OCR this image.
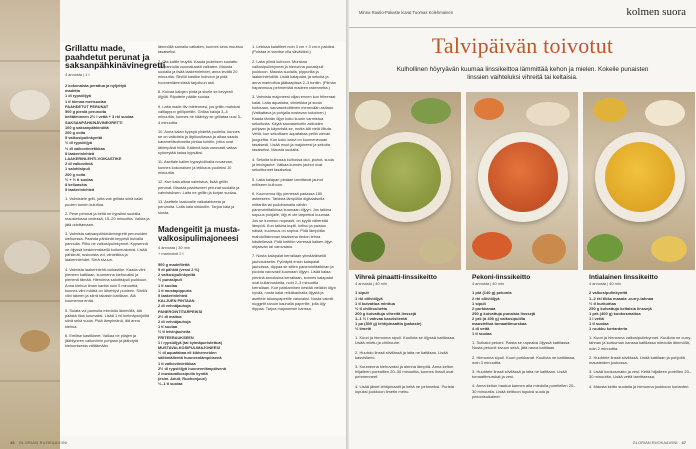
Grillattu made,
paahdetut perunat ja
saksanpähkinävinegretti
4 annosta | 1 t
2 kokonaista perattua ja nyljettyä
madetta
1 dl rypsiöljyä
1 tl hienoa merisuolaa
PAAHDETUT PERUNAT
500 g pieniä perunoita
kelttämineen 2½ l vettä + 3 rkl suolaa
SAKSANPÄHKINÄVINEGRETTI
100 g saksanpähkinöitä
200 g voita
5 valkosipulinkynttä
½ dl rypsiöljyä
½ dl valkoviinietikkaa
8 laakerinlehteä
LAAKERINLEHTI-VOIKASTIKE
2 dl valkoviiniä
1 salottisipuli
200 g voita
½ + ½ tl suolaa
8 kelluaskia
5 laakerinlehteä
1. Valmistele grilli, jotta voit grillata siinä kalat puolen tunnin kuluttua.
2. Pese perunat ja keitä ne kypsiksi suolalla maustetussa vedessä, 15–20 minuuttia. Valuta ja jätä odottamaan.
3. Valmista saksanpähkinävinegretti perunoiden kiehuessa. Paahda pähkinät keyyesti kuivalla pannulla. Pilko ne valkosipulinkynnet. Kypsennä ne öljyssä keskimmäisellä kuitumuskeksi. Lisää pähkinät, rusinoista voi, viinietikka ja laakerinlehdet. Sirrä sivuun.
4. Valmista laakerinlehti-voikastike. Kaada viini pieneen kattilaan, kuumenna kiehuvaksi ja pienenä tämää. Hienonna salottisipuli joukkoon. Anna kiehua ilman kantta noin 5 minuuttia, kunnes viini määrä on lähehtyvi puoleen. Siivilöi viini takeen ja siirrä takaisin kattilaan. Älä kuumenna enää.
5. Sulata voi pannulla miedolla lämmöllä, älä päästä tilan kuumaksi. Lisää 1 rkl kielmäpohjoiltä siinä sekä suola. Pidä lämpimänä, älä anna kiehua.
6. Emlitse kastikkeet. Valkaa ne pilajen ja jäähtyneen valkoviinin pohjaan ja jäähdytä kiehumisesta välttämään.
lämmöllä samalla vatkaten, kunnes seos muuttuu tasaiseksi.
7. Ota kalille leuyltä. Kaada juuleksen suolattu voi pannulla vuumakaasti valkaten. Mausta suolalla ja lisää laakerinlehdet, anna levätä 20 minuuttia. Siivilöi kastike kulhoon ja pidä hoomenlämmössä tarjoiluun asti.
8. Kuivaa kalojen pinta ja sivele se kevyesti öljyllä. Ripottele päälle suolaa.
9. Laita made tiiv mielennesi, jos grillin mahdusi valtiappun grilliporttiin. Grillaa kaloja 3–4 minuuttia, kunnes ne kääntyy se grillataa uusi 3–4 minuuttia.
10. Anna kalan kypsyä yhdeltä puolella, kunnes se on valkoista ja läpikuultavaa ja alkaa saada karamellisoituneita pintaa kohtiin, jotka ovat lähimpänä hiiliä. Käännä kala varovasti vaitaa syöneytää kalaa kypsäksi.
11. Asettale kallen kypsykolikalla nousevan, kunnes kokonaisen ja leikkaus puoleksi 10 minuuttia.
12. Kun kala alkaa valmistua, lisää grillin perunat. Mausta paahtuneet perunat suolalla ja vahvistuksen. Laita ne grilliin ja korjan suolaa.
13. Asettele laatuvalle valkatahkeeta ja perunoita. Laita kala sirkkutiin. Tarjoa kala ja siosta.
Madengeitit ja musta-
valkosipulimajoneesi
4 annosta | 30 min
+ marinointi 2 t
500 g madefilettä
5 dl pähkiä (vessi 2 %)
2 valkosipulinkynttä
½ punasipuli
1 tl suolaa
1 tl mustapippuria
5 laakerinlehteä
KALJUEN PINTAAN
2 dl vehnäjauhoja
PANEROINTITARPEIKSI
2½ dl maitoa
2 dl vehnäjauhoja
1 tl suolaa
½ tl leivinjauheita
FRITEERAUKSEEN
1 l rypsiöljyä (tai kylmäpuristettua)
MUSTAVALKOSIPULIMAJONEESI
½ dl aquafabaa eli kikherneiden
säilöntälientä huoneenlämpöisenä
1 tl valkoviinietikkaa
2½ dl rypsiöljyä huoneenlämpöisenä
2 mustavalkosipulin kynttä
(esim. Adult, Ruohonjuuri)
½–1 tl suolaa
1. Leikkaa kalafileet noin 3 cm × 3 cm:n paloiksi. (Poistaa ei tarvitse olla sävätöksi.)
2. Laita piimä kulhoon. Murskaa valkosipulinkynnet ja hienonna punasipuli joukkoon. Mausta suolalla, pippurilla ja laakerinlehdillä. Lisää kalapalat, ja sekoita ja anna marinoitua jääkaapissa 2–3 tuntiin. (Piimän hapanmuus pehmentää madeen rakennetta.)
3. Valmista majoneesi viljan ennen kun friteeraat kalat. Laita aquafaba, viinietikka ja suola korkeaan, sauvasekoittimen menevään astiaan. (Vatkattava ja pohjalla nostavan kokoinen.) Kaada tämän öljyn koko kuurin varmistua sekoitusta. Käytä sauvasekoitin astioiden pohjaan ja käynnistä se, mutta älä vielä liikuta. Vettä, kun sekoittaen aquafabaa pellin olevan joogurttia. Kun koko kasvi on kuumenevaan tasaisesti. Lisää muut ja majoneesi ja sekoita tasaiseksi. Mausta suolalla.
4. Sekoita kulhossa kulhossa olut, jauhot, suola ja leivinjauhe. Vatkaa kunnes jauhot ovat sekoittuneet tasaiseksi.
5. Laita kalapan pintaan tarvittavat jauhot erilliseen kulhoon.
6. Kuumenna öljy pienessä padassa 180 asteeseen. Tarkista lämpötila digitaalisella mittarilla tai pudottamalla vähän panerointitaikinaa kuumaan öljyyn. Jos taikina sopuus pohjalle, öljy ei ole tarpeeksi kuumaa. Jos se tummuu nopeasti, on syytä vähentää lämpöä. Kun taikina kuplii, kelluu ja paistuu näistä, kuumuus on sopiva. Pidä lämpötila mahdollisimman tasaisena tiedon tehoa käsitellessä. Pidä keittiön vieressä kaiken öljyn ohjaavan tai varovaista.
7. Nosta kalapalat kerrallaan ylimääräisellä jauhotuksella. Pyöräytä ensin kalapalat jauhoissa, dippaa se sitten panerointitaikinan ja pudota varovasti kuumaan öljyyn. Lisää kalaa pieninä annoksina kerrallaan, kunnes kalapalat ovat kullanruskeita, noin 2–3 minuuttia kerrallaan. Kun paistaminen kestää vieläkin öljyn hyvää, nosta kalat reikäkauhalla öljystä ja asettele talouspaperille valuvaksi. Nosta valmiit nuggetit sivuun kauhalla paperille, jolla öljy dippaa. Tarjoa majoneesin kanssa.
46 GLORIAN RUOKA&VIINI
Minna Rautio-Pakaste kuvat Tuomas Kolehmainen	kolmen suora
Talvipäivän toivotut
Kulhollinen höyryävän kuumaa linssikeittoa lämmittää kehon ja mielen. Kokeile punaisten linssien vaihteluksi vihreitä tai keltaisia.
Vihreä pinaatti-linssikeitto
4 annosta | 40 min
1 sipuli
1 rkl oliiviöljyä
1 tl kuivattua minttua
½ tl chilirouhetta
200 g kuivattuja vihreitä linssejä
1–1 ½ l vahvaa kasvislientä
1 pa (300 g) lehtipinaattia (pakaste)
½ limetti
1. Kuori ja hienonna sipuli. Kuullota se öljyssä kattilassa. Lisää minttu ja chilirouhe.
2. Huuhdo linssit siivilässä ja laita ne kattilaan. Lisää kasvisliemi.
3. Kuumenna kiehuvaksi ja alenna lämpöä. Anna keiton hiljalleen porealllen 20–30 minuuttia, kunnes linssit ovat pehmenneet.
4. Lisää jäiset lehtipinaatit ja keitä ne pehmeiksi. Purista lopuksi joukkoon limetin mehu.
Pekoni-linssikeitto
4 annosta | 40 min
1 pkt (140 g) pekonia
2 rkl oliiviöljyä
1 sipuli
2 porkkanaa
250 g kuivattuja punaisia linssejä
2 prk (à 400 g) valkosipulilla
maustettua tomaattimurskaa
4 dl vettä
1 tl suolaa
1. Suikaloi pekoni. Paista se rapeaksi öljyssä kattilassa. Nosta pekonit sivuun sekä, jätä rasva kattilaan.
2. Hienonna sipuli. Kuori porkkanat. Kuullota ne kattilassa, noin 3 minuuttia.
3. Huuhtele linssit siivilässä ja laita ne kattilaan. Lisää tomaattimurskat ja vesi.
4. Anna keiton hautua kannen alla miedolla poreilellen 20–30 minuuttia. Lisää keittoon lopuksi suola ja pekonisuikaleet.
Intialainen linssikeitto
4 annosta | 40 min
2 valkosipulinkynttä
1–2 rkl tikka masala -curry-tahnaa
½ tl kurkumaa
250 g kuivattuja keltaisia linssejä
1 prk (400 g) kookosmaitoa
1 l vettä
1 tl suolaa
1 ruukku korianteria
1. Kuori ja hienonna valkosipulinkynnet. Kuullota ne curry-tahnan ja kurkuman kanssa kattilassa miedolla lämmöllä, noin 2 minuuttia.
2. Huuhtele linssit siivilässä. Lisää kattilaan ja pohjoitä mausteiden joukossa.
3. Lisää kookosmaito ja vesi. Keitä hiljalleen poreillen 20–30 minuuttia. Lisää vettä tarvittaessa.
4. Mausta keitto suolalla ja hienonna joukkoon korianteri.
GLORIAN RUOKA&VIINI 47
